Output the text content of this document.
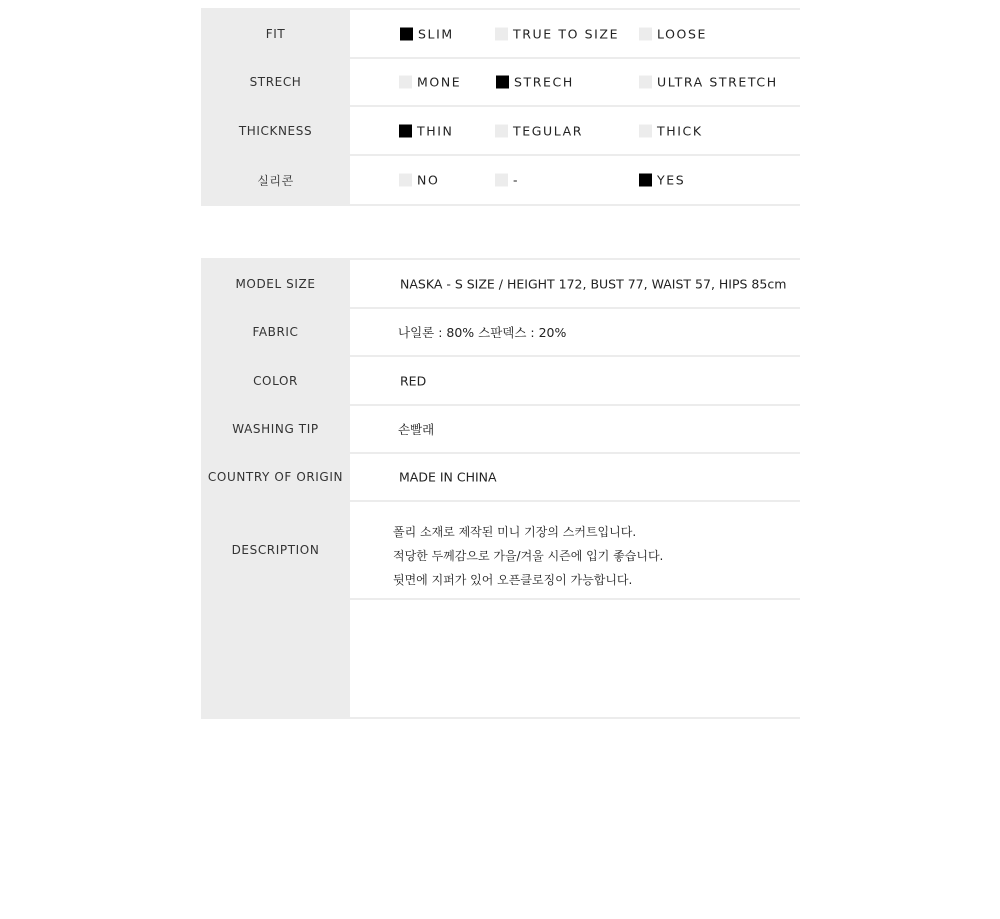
FIT	SLIM	TRUE TO SIZE	LOOSE
STRECH	MONE	STRECH	ULTRA STRETCH
THICKNESS	THIN	TEGULAR	THICK
실리콘	NO	-	YES
MODEL SIZE	NASKA - S SIZE / HEIGHT 172, BUST 77, WAIST 57, HIPS 85cm
FABRIC	나일론 : 80% 스판덱스 : 20%
COLOR	RED
WASHING TIP	손빨래
COUNTRY OF ORIGIN	MADE IN CHINA
DESCRIPTION
폴리 소재로 제작된 미니 기장의 스커트입니다.
적당한 두께감으로 가을/겨울 시즌에 입기 좋습니다.
뒷면에 지퍼가 있어 오픈클로징이 가능합니다.
